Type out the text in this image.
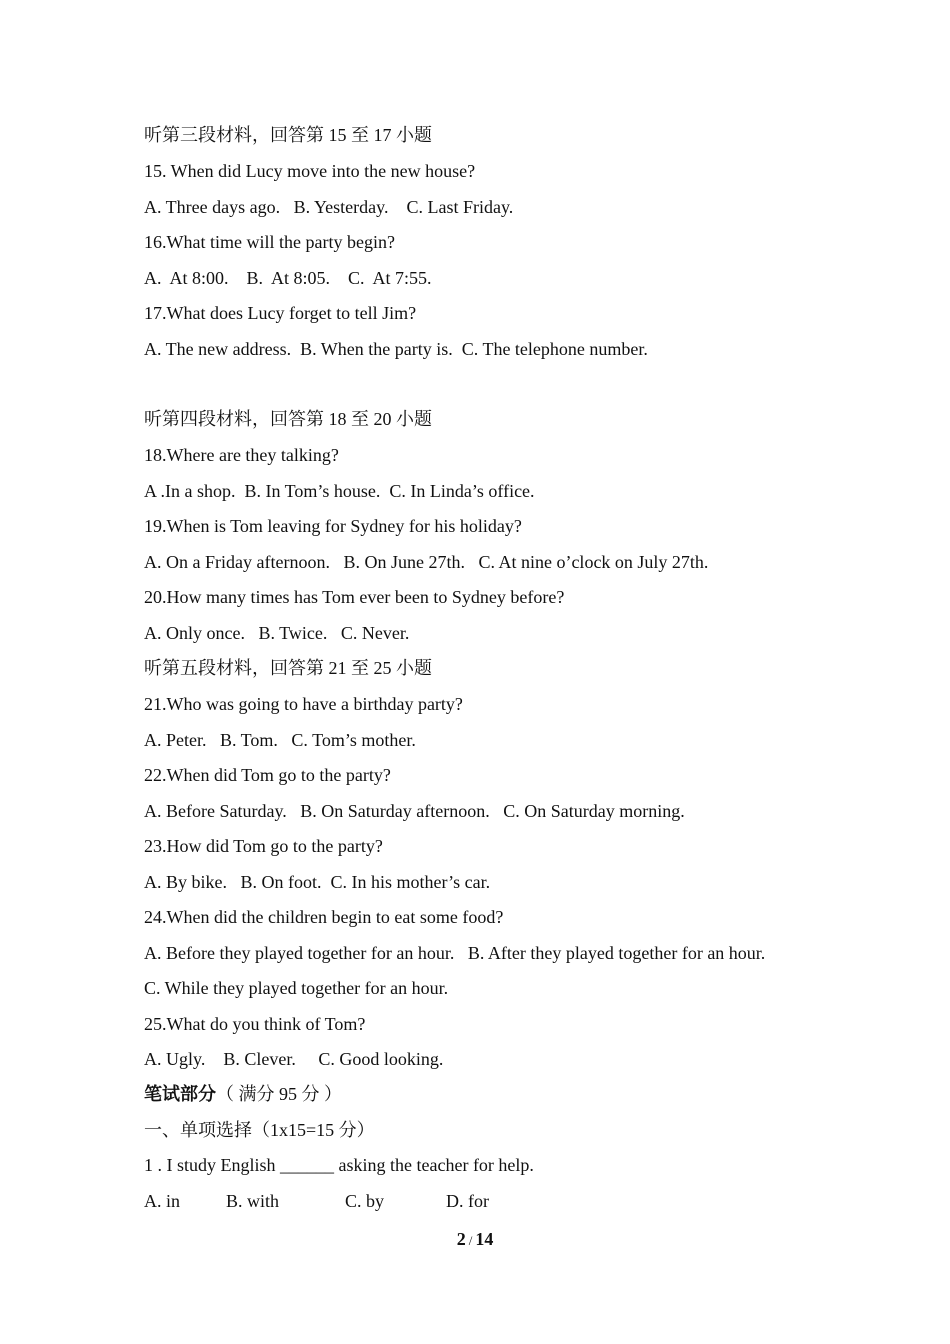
听第三段材料，回答第 15 至 17 小题
15. When did Lucy move into the new house?
A. Three days ago.   B. Yesterday.    C. Last Friday.
16.What time will the party begin?
A.  At 8:00.    B.  At 8:05.    C.  At 7:55.
17.What does Lucy forget to tell Jim?
A. The new address.  B. When the party is.  C. The telephone number.
听第四段材料，回答第 18 至 20 小题
18.Where are they talking?
A .In a shop.  B. In Tom’s house.  C. In Linda’s office.
19.When is Tom leaving for Sydney for his holiday?
A. On a Friday afternoon.   B. On June 27th.   C. At nine o’clock on July 27th.
20.How many times has Tom ever been to Sydney before?
A. Only once.   B. Twice.   C. Never.
听第五段材料，回答第 21 至 25 小题
21.Who was going to have a birthday party?
A. Peter.   B. Tom.   C. Tom’s mother.
22.When did Tom go to the party?
A. Before Saturday.   B. On Saturday afternoon.   C. On Saturday morning.
23.How did Tom go to the party?
A. By bike.   B. On foot.  C. In his mother’s car.
24.When did the children begin to eat some food?
A. Before they played together for an hour.   B. After they played together for an hour.
C. While they played together for an hour.
25.What do you think of Tom?
A. Ugly.    B. Clever.     C. Good looking.
笔试部分（ 满分 95 分 ）
一、单项选择（1x15=15 分）
1 . I study English ______ asking the teacher for help.

A. in

	B. with

	C. by

	D. for

2 / 14
